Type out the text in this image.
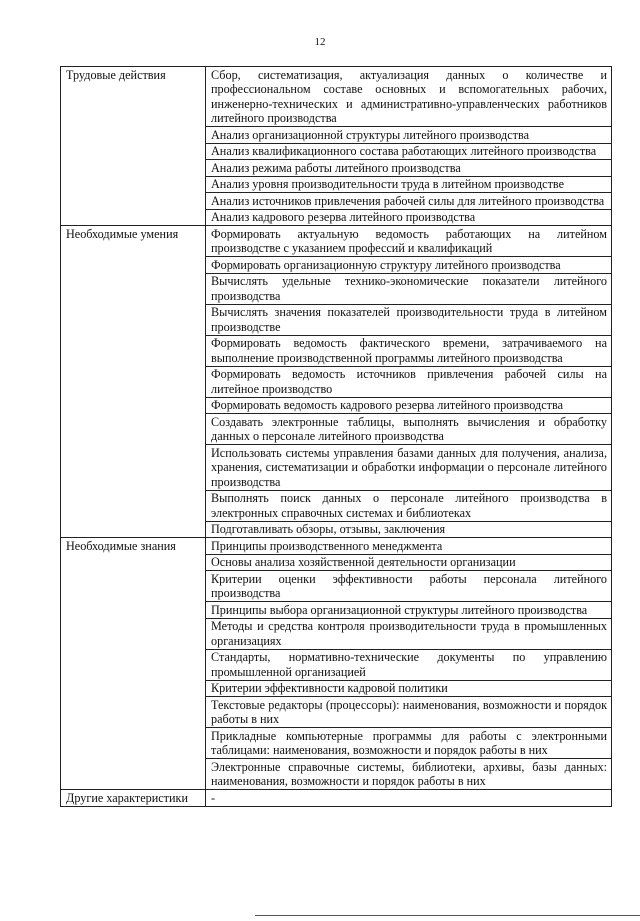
12
Трудовые действия	Сбор, систематизация, актуализация данных о количестве и профессиональном составе основных и вспомогательных рабочих, инженерно-технических и административно-управленческих работников литейного производства
	Анализ организационной структуры литейного производства
	Анализ квалификационного состава работающих литейного производства
	Анализ режима работы литейного производства
	Анализ уровня производительности труда в литейном производстве
	Анализ источников привлечения рабочей силы для литейного производства
	Анализ кадрового резерва литейного производства
Необходимые умения	Формировать актуальную ведомость работающих на литейном производстве с указанием профессий и квалификаций
	Формировать организационную структуру литейного производства
	Вычислять удельные технико-экономические показатели литейного производства
	Вычислять значения показателей производительности труда в литейном производстве
	Формировать ведомость фактического времени, затрачиваемого на выполнение производственной программы литейного производства
	Формировать ведомость источников привлечения рабочей силы на литейное производство
	Формировать ведомость кадрового резерва литейного производства
	Создавать электронные таблицы, выполнять вычисления и обработку данных о персонале литейного производства
	Использовать системы управления базами данных для получения, анализа, хранения, систематизации и обработки информации о персонале литейного производства
	Выполнять поиск данных о персонале литейного производства в электронных справочных системах и библиотеках
	Подготавливать обзоры, отзывы, заключения
Необходимые знания	Принципы производственного менеджмента
	Основы анализа хозяйственной деятельности организации
	Критерии оценки эффективности работы персонала литейного производства
	Принципы выбора организационной структуры литейного производства
	Методы и средства контроля производительности труда в промышленных организациях
	Стандарты, нормативно-технические документы по управлению промышленной организацией
	Критерии эффективности кадровой политики
	Текстовые редакторы (процессоры): наименования, возможности и порядок работы в них
	Прикладные компьютерные программы для работы с электронными таблицами: наименования, возможности и порядок работы в них
	Электронные справочные системы, библиотеки, архивы, базы данных: наименования, возможности и порядок работы в них
Другие характеристики	-
